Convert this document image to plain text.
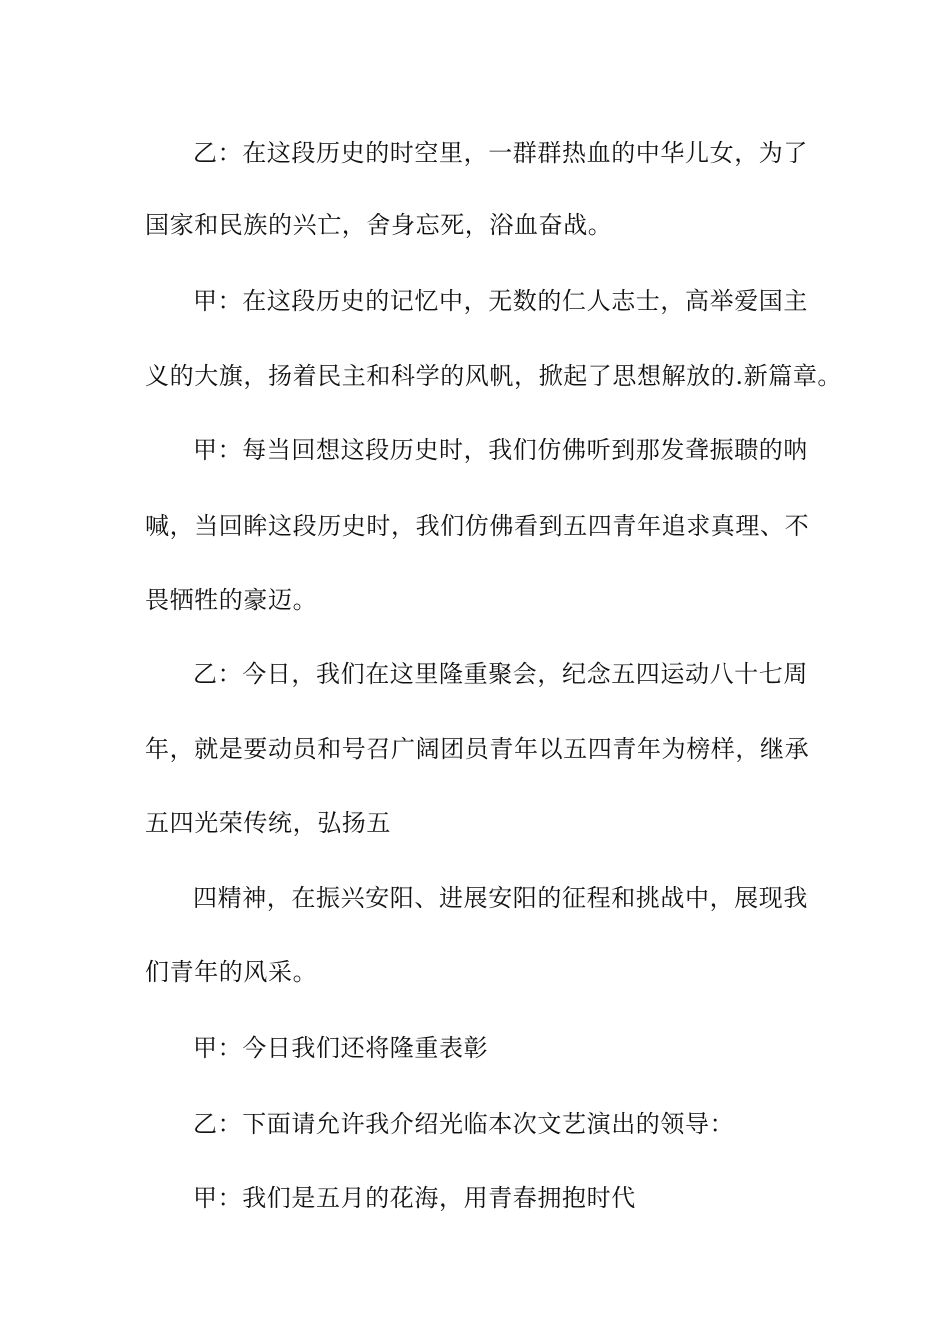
乙：在这段历史的时空里，一群群热血的中华儿女，为了

国家和民族的兴亡，舍身忘死，浴血奋战。

甲：在这段历史的记忆中，无数的仁人志士，高举爱国主

义的大旗，扬着民主和科学的风帆，掀起了思想解放的.新篇章。

甲：每当回想这段历史时，我们仿佛听到那发聋振聩的呐

喊，当回眸这段历史时，我们仿佛看到五四青年追求真理、不

畏牺牲的豪迈。

乙：今日，我们在这里隆重聚会，纪念五四运动八十七周

年，就是要动员和号召广阔团员青年以五四青年为榜样，继承

五四光荣传统，弘扬五

四精神，在振兴安阳、进展安阳的征程和挑战中，展现我

们青年的风采。

甲：今日我们还将隆重表彰

乙：下面请允许我介绍光临本次文艺演出的领导：

甲：我们是五月的花海，用青春拥抱时代
